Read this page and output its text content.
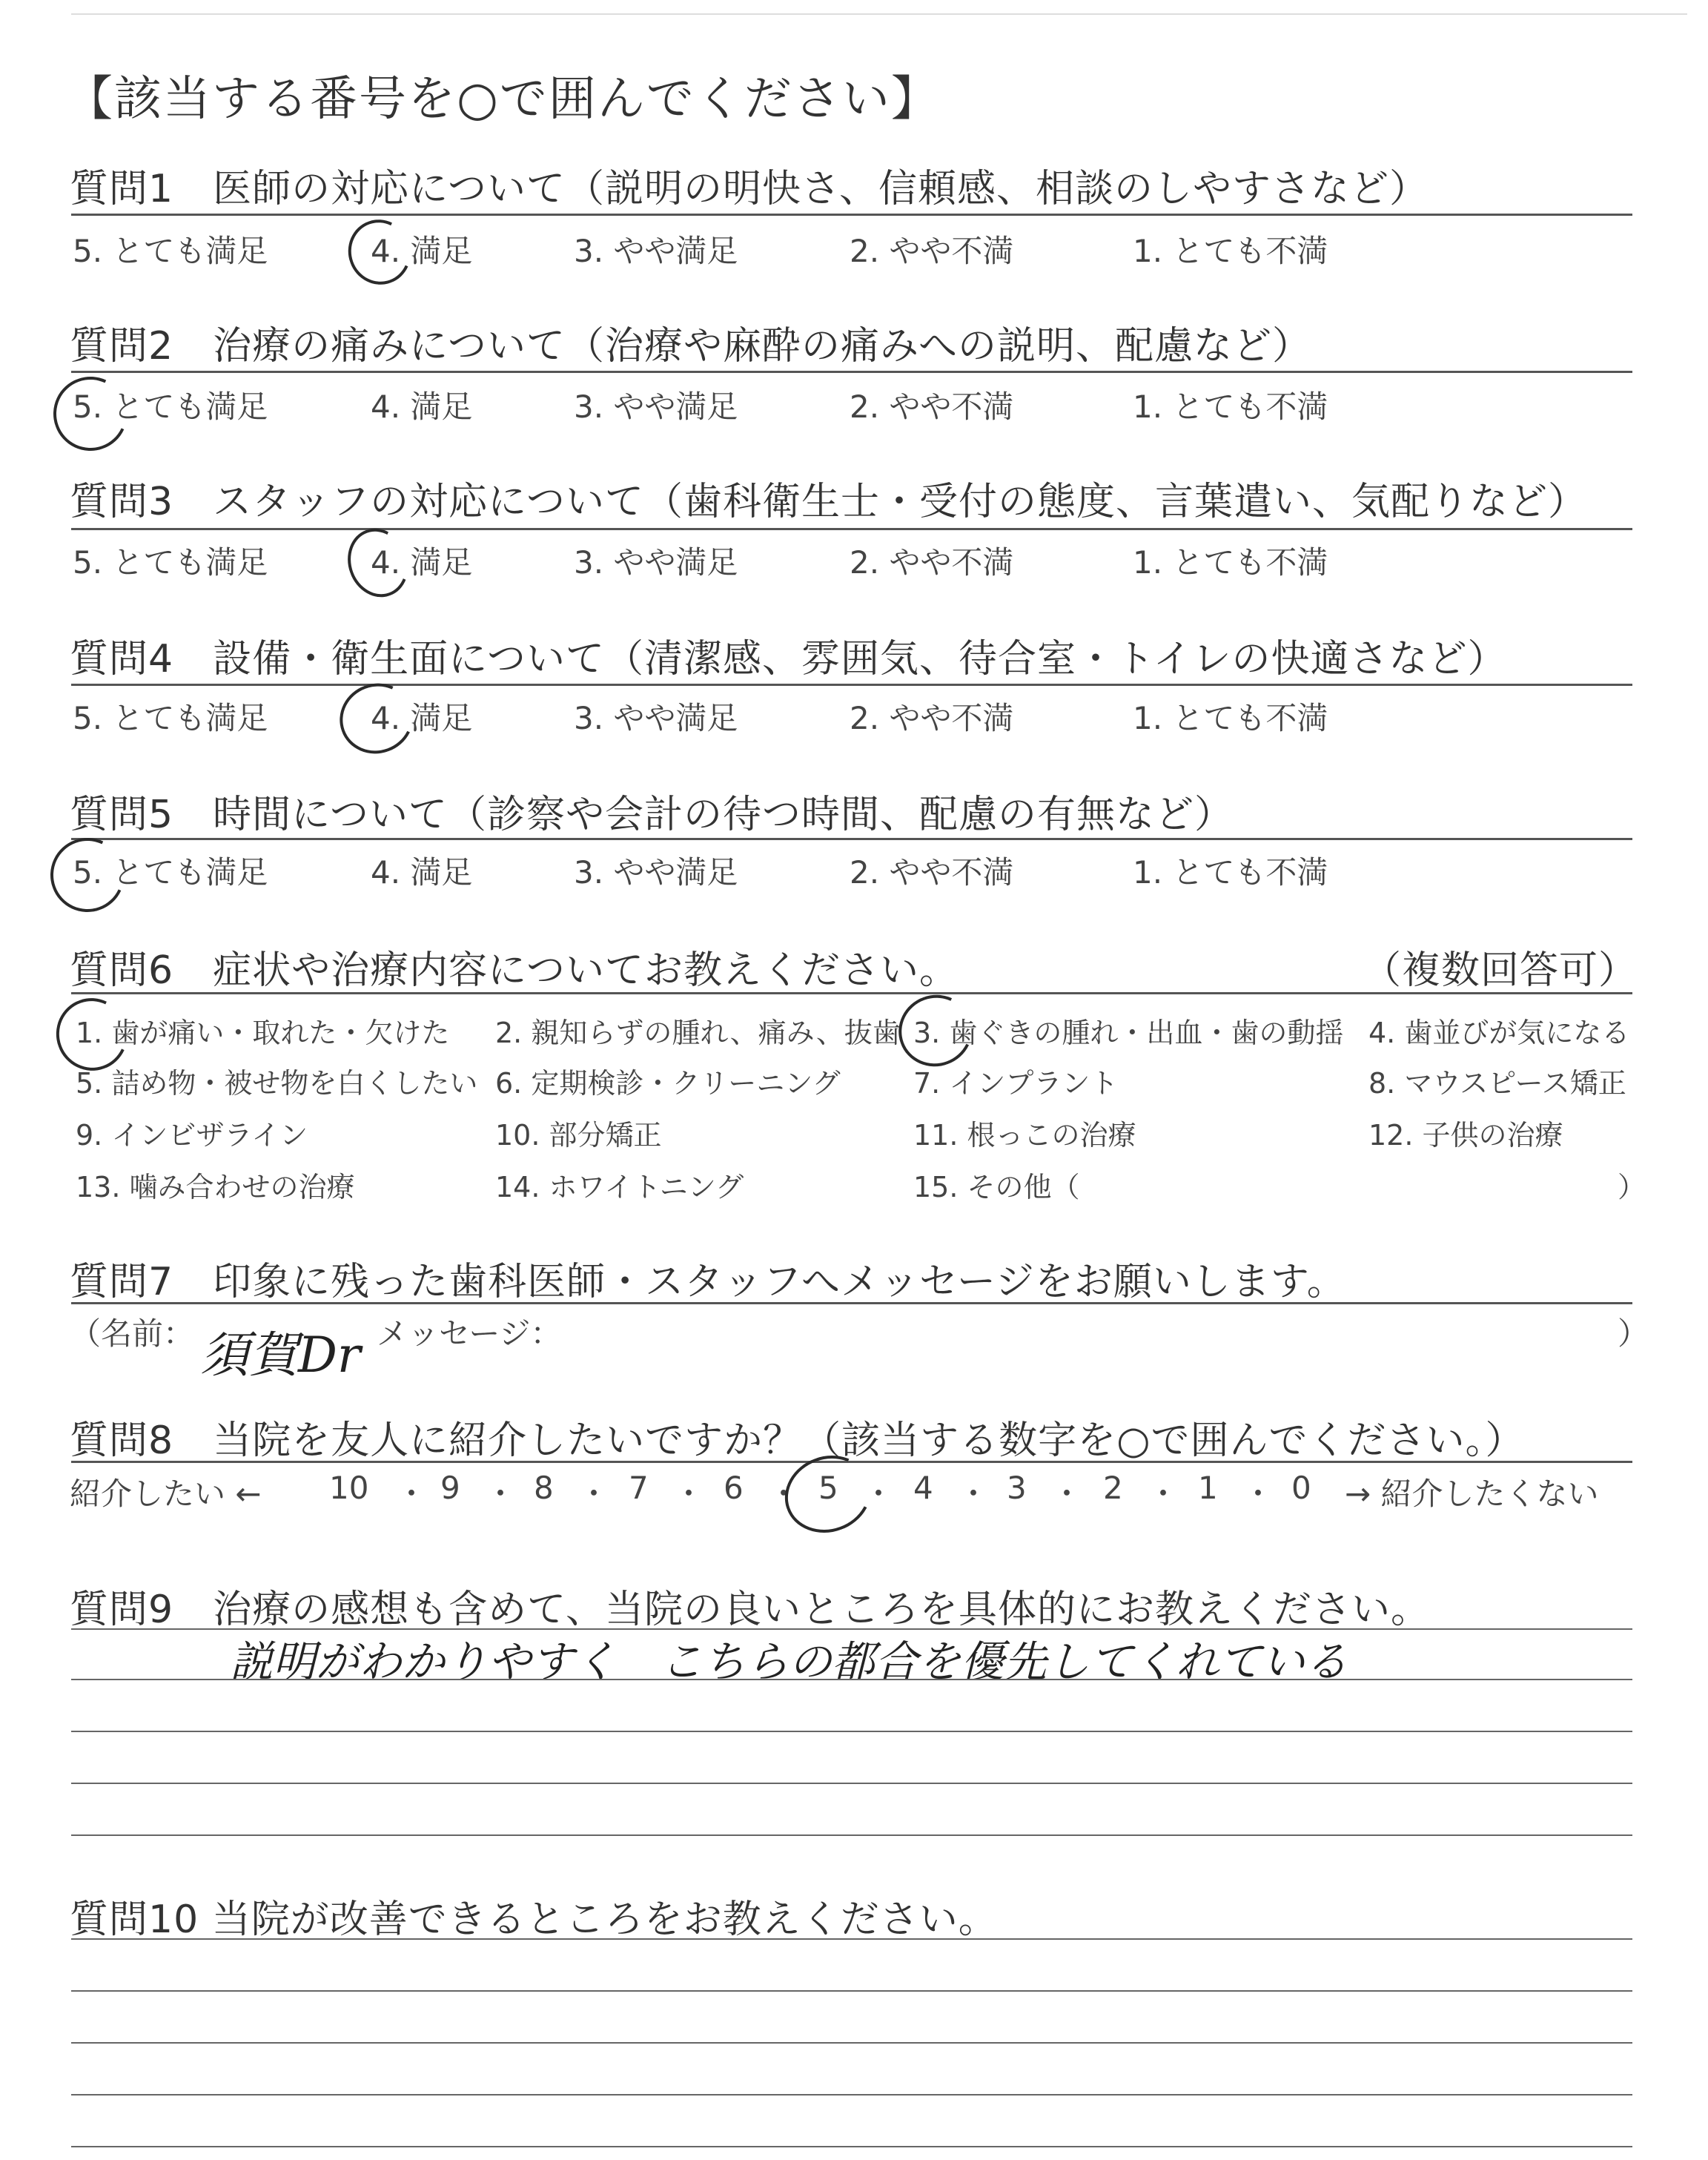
【該当する番号を○で囲んでください】
質問1　医師の対応について（説明の明快さ、信頼感、相談のしやすさなど）
5. とても満足	4. 満足	3. やや満足	2. やや不満	1. とても不満
質問2　治療の痛みについて（治療や麻酔の痛みへの説明、配慮など）
5. とても満足	4. 満足	3. やや満足	2. やや不満	1. とても不満
質問3　スタッフの対応について（歯科衛生士・受付の態度、言葉遣い、気配りなど）
5. とても満足	4. 満足	3. やや満足	2. やや不満	1. とても不満
質問4　設備・衛生面について（清潔感、雰囲気、待合室・トイレの快適さなど）
5. とても満足	4. 満足	3. やや満足	2. やや不満	1. とても不満
質問5　時間について（診察や会計の待つ時間、配慮の有無など）
5. とても満足	4. 満足	3. やや満足	2. やや不満	1. とても不満
質問6　症状や治療内容についてお教えください。	（複数回答可）
1. 歯が痛い・取れた・欠けた 2. 親知らずの腫れ、痛み、抜歯 3. 歯ぐきの腫れ・出血・歯の動揺 4. 歯並びが気になる
5. 詰め物・被せ物を白くしたい 6. 定期検診・クリーニング	7. インプラント	8. マウスピース矯正
9. インビザライン	10. 部分矯正	11. 根っこの治療	12. 子供の治療
13. 噛み合わせの治療	14. ホワイトニング	15. その他（	）
質問7　印象に残った歯科医師・スタッフへメッセージをお願いします。
（名前： 須賀Dr メッセージ：	）
質問8　当院を友人に紹介したいですか？（該当する数字を○で囲んでください。）
紹介したい ← 10 ・ 9 ・ 8 ・ 7 ・ 6 ・ 5 ・ 4 ・ 3 ・ 2 ・ 1 ・ 0 → 紹介したくない
質問9　治療の感想も含めて、当院の良いところを具体的にお教えください。
説明がわかりやすく　こちらの都合を優先してくれている
質問10 当院が改善できるところをお教えください。
